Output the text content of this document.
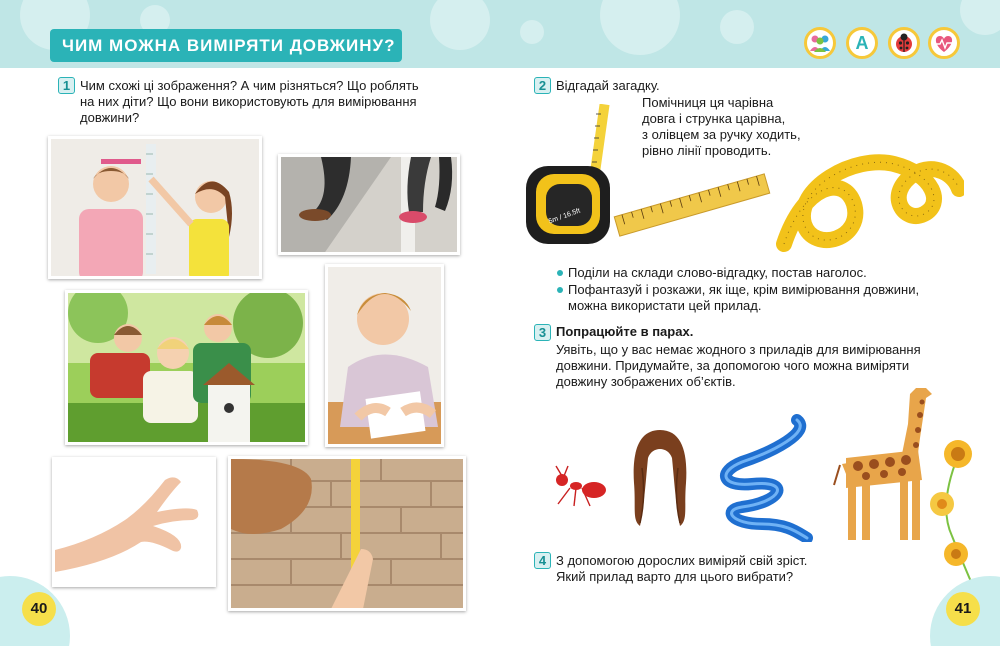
ЧИМ МОЖНА ВИМІРЯТИ ДОВЖИНУ?	A
1 Чим схожі ці зображення? А чим різняться? Що роблять
на них діти? Що вони використовують для вимірювання
довжини?
2 Відгадай загадку.
Помічниця ця чарівна
довга і струнка царівна,
з олівцем за ручку ходить,
рівно лінії проводить.
5m / 16.5ft
Поділи на склади слово-відгадку, постав наголос.
Пофантазуй і розкажи, як іще, крім вимірювання довжини,
можна використати цей прилад.
3 Попрацюйте в парах.
Уявіть, що у вас немає жодного з приладів для вимірювання
довжини. Придумайте, за допомогою чого можна виміряти
довжину зображених об’єктів.
4 З допомогою дорослих виміряй свій зріст.
Який прилад варто для цього вибрати?
40	41
